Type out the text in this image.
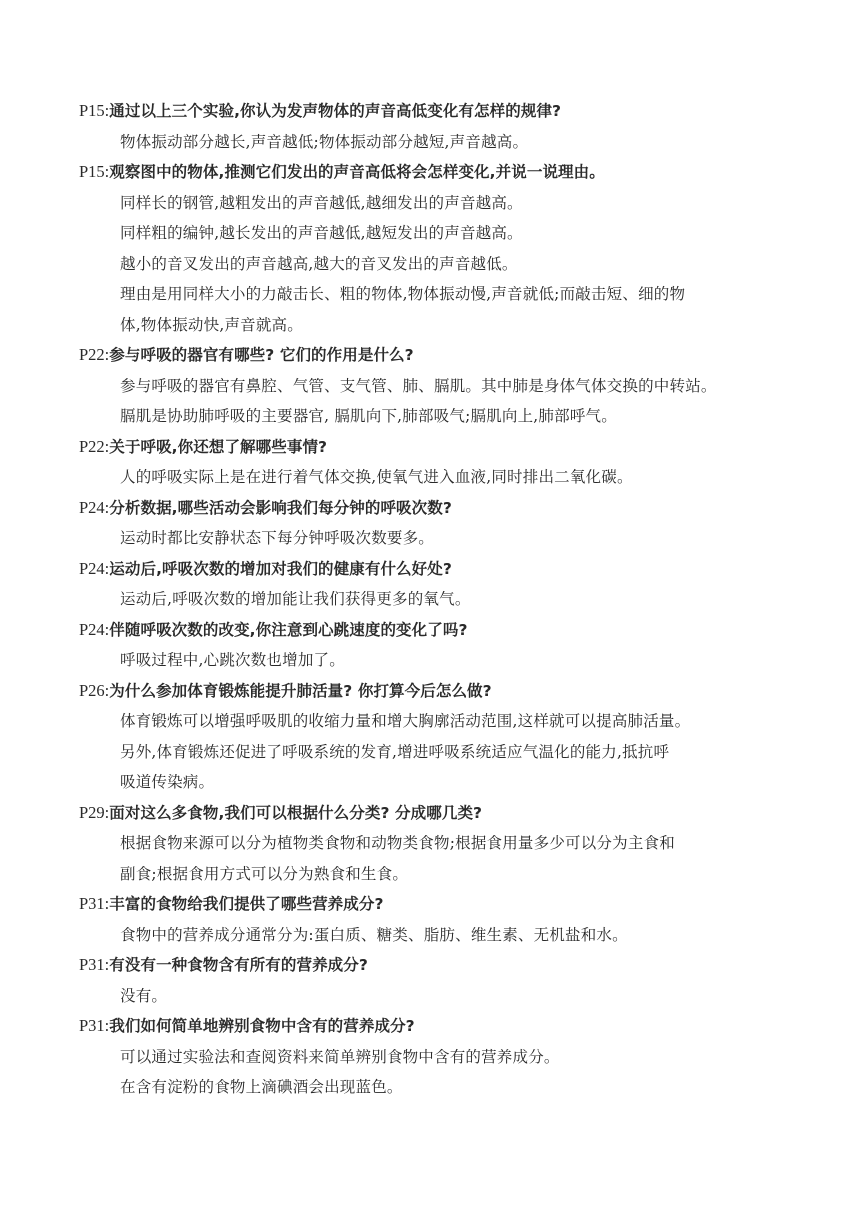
P15:通过以上三个实验,你认为发声物体的声音高低变化有怎样的规律?
物体振动部分越长,声音越低;物体振动部分越短,声音越高。
P15:观察图中的物体,推测它们发出的声音高低将会怎样变化,并说一说理由。
同样长的钢管,越粗发出的声音越低,越细发出的声音越高。
同样粗的编钟,越长发出的声音越低,越短发出的声音越高。
越小的音叉发出的声音越高,越大的音叉发出的声音越低。
理由是用同样大小的力敲击长、粗的物体,物体振动慢,声音就低;而敲击短、细的物
体,物体振动快,声音就高。
P22:参与呼吸的器官有哪些? 它们的作用是什么?
参与呼吸的器官有鼻腔、气管、支气管、肺、膈肌。其中肺是身体气体交换的中转站。
膈肌是协助肺呼吸的主要器官, 膈肌向下,肺部吸气;膈肌向上,肺部呼气。
P22:关于呼吸,你还想了解哪些事情?
人的呼吸实际上是在进行着气体交换,使氧气进入血液,同时排出二氧化碳。
P24:分析数据,哪些活动会影响我们每分钟的呼吸次数?
运动时都比安静状态下每分钟呼吸次数要多。
P24:运动后,呼吸次数的增加对我们的健康有什么好处?
运动后,呼吸次数的增加能让我们获得更多的氧气。
P24:伴随呼吸次数的改变,你注意到心跳速度的变化了吗?
呼吸过程中,心跳次数也增加了。
P26:为什么参加体育锻炼能提升肺活量? 你打算今后怎么做?
体育锻炼可以增强呼吸肌的收缩力量和增大胸廓活动范围,这样就可以提高肺活量。
另外,体育锻炼还促进了呼吸系统的发育,增进呼吸系统适应气温化的能力,抵抗呼
吸道传染病。
P29:面对这么多食物,我们可以根据什么分类? 分成哪几类?
根据食物来源可以分为植物类食物和动物类食物;根据食用量多少可以分为主食和
副食;根据食用方式可以分为熟食和生食。
P31:丰富的食物给我们提供了哪些营养成分?
食物中的营养成分通常分为:蛋白质、糖类、脂肪、维生素、无机盐和水。
P31:有没有一种食物含有所有的营养成分?
没有。
P31:我们如何简单地辨别食物中含有的营养成分?
可以通过实验法和查阅资料来简单辨别食物中含有的营养成分。
在含有淀粉的食物上滴碘酒会出现蓝色。
